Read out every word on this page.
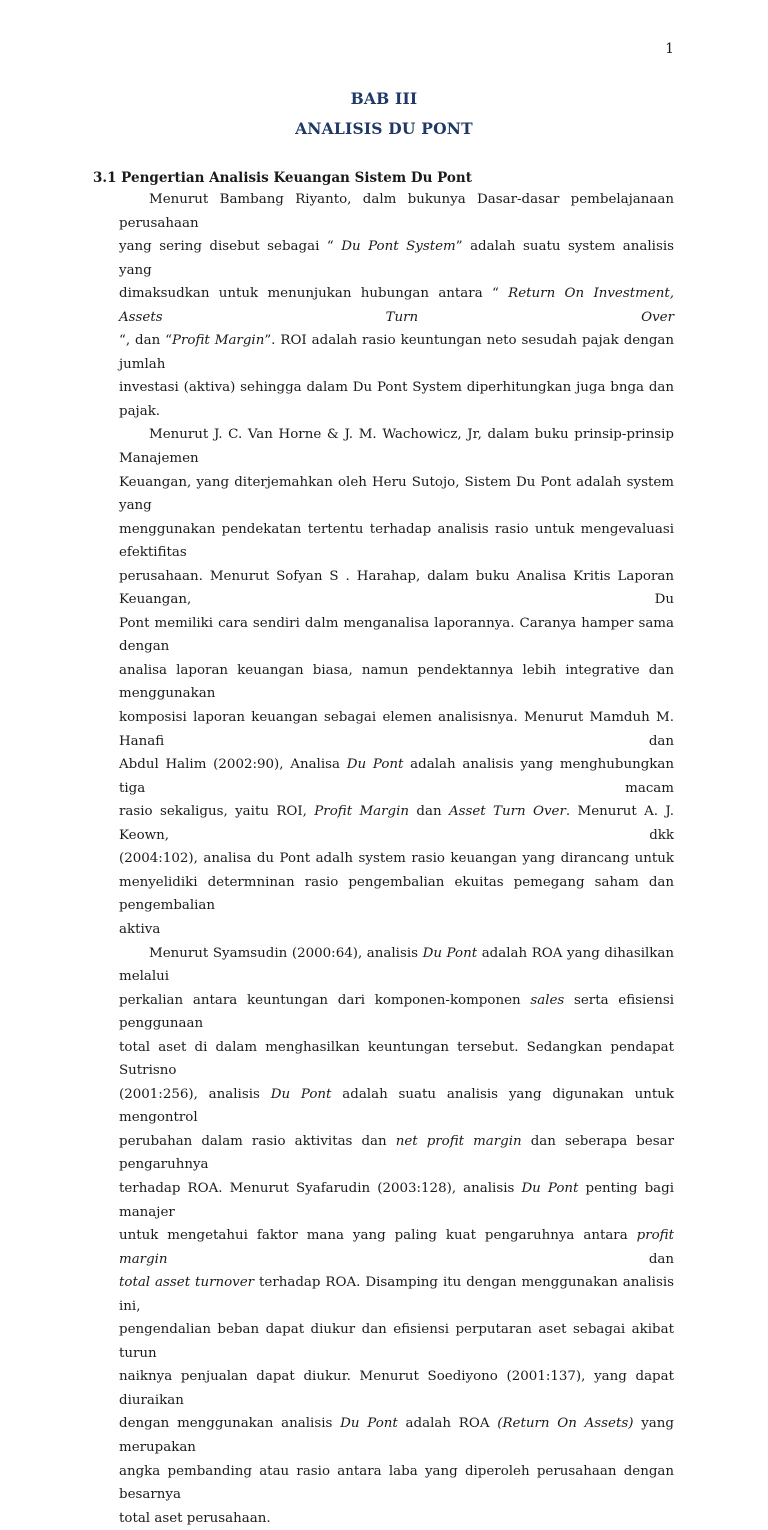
1
BAB III
ANALISIS DU PONT
3.1 Pengertian Analisis Keuangan Sistem Du Pont

Menurut Bambang Riyanto, dalm bukunya Dasar-dasar pembelajanaan perusahaan
yang sering disebut sebagai “ Du Pont System” adalah suatu system analisis yang
dimaksudkan untuk menunjukan hubungan antara “ Return On Investment, Assets Turn Over
“, dan “Profit Margin”. ROI adalah rasio keuntungan neto sesudah pajak dengan jumlah
investasi (aktiva) sehingga dalam Du Pont System diperhitungkan juga bnga dan pajak.

Menurut J. C. Van Horne & J. M. Wachowicz, Jr, dalam buku prinsip-prinsip Manajemen
Keuangan, yang diterjemahkan oleh Heru Sutojo, Sistem Du Pont adalah system yang
menggunakan pendekatan tertentu terhadap analisis rasio untuk mengevaluasi efektifitas
perusahaan. Menurut Sofyan S . Harahap, dalam buku Analisa Kritis Laporan Keuangan, Du
Pont memiliki cara sendiri dalm menganalisa laporannya. Caranya hamper sama dengan
analisa laporan keuangan biasa, namun pendektannya lebih integrative dan menggunakan
komposisi laporan keuangan sebagai elemen analisisnya. Menurut Mamduh M. Hanafi dan
Abdul Halim (2002:90), Analisa Du Pont adalah analisis yang menghubungkan tiga macam
rasio sekaligus, yaitu ROI, Profit Margin dan Asset Turn Over. Menurut A. J. Keown, dkk
(2004:102), analisa du Pont adalh system rasio keuangan yang dirancang untuk
menyelidiki determninan rasio pengembalian ekuitas pemegang saham dan pengembalian
aktiva

Menurut Syamsudin (2000:64), analisis Du Pont adalah ROA yang dihasilkan melalui
perkalian antara keuntungan dari komponen-komponen sales serta efisiensi penggunaan
total aset di dalam menghasilkan keuntungan tersebut. Sedangkan pendapat Sutrisno
(2001:256), analisis Du Pont adalah suatu analisis yang digunakan untuk mengontrol
perubahan dalam rasio aktivitas dan net profit margin dan seberapa besar pengaruhnya
terhadap ROA. Menurut Syafarudin (2003:128), analisis Du Pont penting bagi manajer
untuk mengetahui faktor mana yang paling kuat pengaruhnya antara profit margin dan
total asset turnover terhadap ROA. Disamping itu dengan menggunakan analisis ini,
pengendalian beban dapat diukur dan efisiensi perputaran aset sebagai akibat turun
naiknya penjualan dapat diukur. Menurut Soediyono (2001:137), yang dapat diuraikan
dengan menggunakan analisis Du Pont adalah ROA (Return On Assets) yang merupakan
angka pembanding atau rasio antara laba yang diperoleh perusahaan dengan besarnya
total aset perusahaan.
